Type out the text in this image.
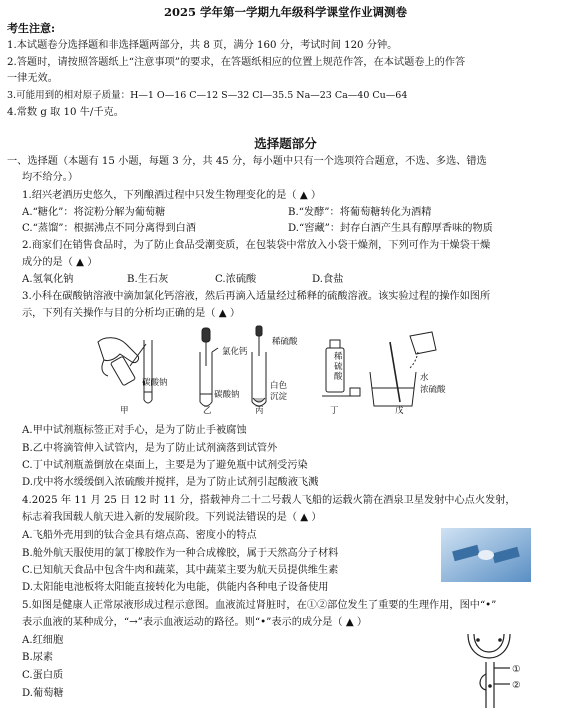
2025 学年第一学期九年级科学课堂作业调测卷
考生注意:
1.本试题卷分选择题和非选择题两部分，共 8 页，满分 160 分，考试时间 120 分钟。
2.答题时，请按照答题纸上“注意事项”的要求，在答题纸相应的位置上规范作答，在本试题卷上的作答
一律无效。
3.可能用到的相对原子质量：H—1 O—16 C—12 S—32 Cl—35.5 Na—23 Ca—40 Cu—64
4.常数 g 取 10 牛/千克。
选择题部分
一、选择题（本题有 15 小题，每题 3 分，共 45 分，每小题中只有一个选项符合题意，不选、多选、错选
均不给分。）
1.绍兴老酒历史悠久，下列酿酒过程中只发生物理变化的是（ ▲ ）
A.“糖化”：将淀粉分解为葡萄糖	B.“发酵”：将葡萄糖转化为酒精
C.“蒸馏”：根据沸点不同分离得到白酒	D.“窖藏”：封存白酒产生具有醇厚香味的物质
2.商家们在销售食品时，为了防止食品受潮变质，在包装袋中常放入小袋干燥剂，下列可作为干燥袋干燥
成分的是（ ▲ ）
A.氢氧化钠	B.生石灰	C.浓硫酸	D.食盐
3.小科在碳酸钠溶液中滴加氯化钙溶液，然后再滴入适量经过稀释的硫酸溶液。该实验过程的操作如图所
示，下列有关操作与目的分析均正确的是（ ▲ ）
氯化钙
碳酸钠
碳酸钠
稀硫酸
白色
沉淀
稀硫酸	水
浓硫酸
甲	乙	丙	丁	戊
A.甲中试剂瓶标签正对手心，是为了防止手被腐蚀
B.乙中将滴管伸入试管内，是为了防止试剂滴落到试管外
C.丁中试剂瓶盖倒放在桌面上，主要是为了避免瓶中试剂受污染
D.戊中将水缓缓倒入浓硫酸并搅拌，是为了防止试剂引起酸液飞溅
4.2025 年 11 月 25 日 12 时 11 分，搭载神舟二十二号载人飞船的运载火箭在酒泉卫星发射中心点火发射，
标志着我国载人航天进入新的发展阶段。下列说法错误的是（ ▲ ）
A.飞船外壳用到的钛合金具有熔点高、密度小的特点
B.舱外航天服使用的氯丁橡胶作为一种合成橡胶，属于天然高分子材料
C.已知航天食品中包含牛肉和蔬菜，其中蔬菜主要为航天员提供维生素
D.太阳能电池板将太阳能直接转化为电能，供能内各种电子设备使用
5.如图是健康人正常尿液形成过程示意图。血液流过肾脏时，在①②部位发生了重要的生理作用，图中“•”
表示血液的某种成分，“→”表示血液运动的路径。则“•”表示的成分是（ ▲ ）
A.红细胞
B.尿素
C.蛋白质
D.葡萄糖
①
②
